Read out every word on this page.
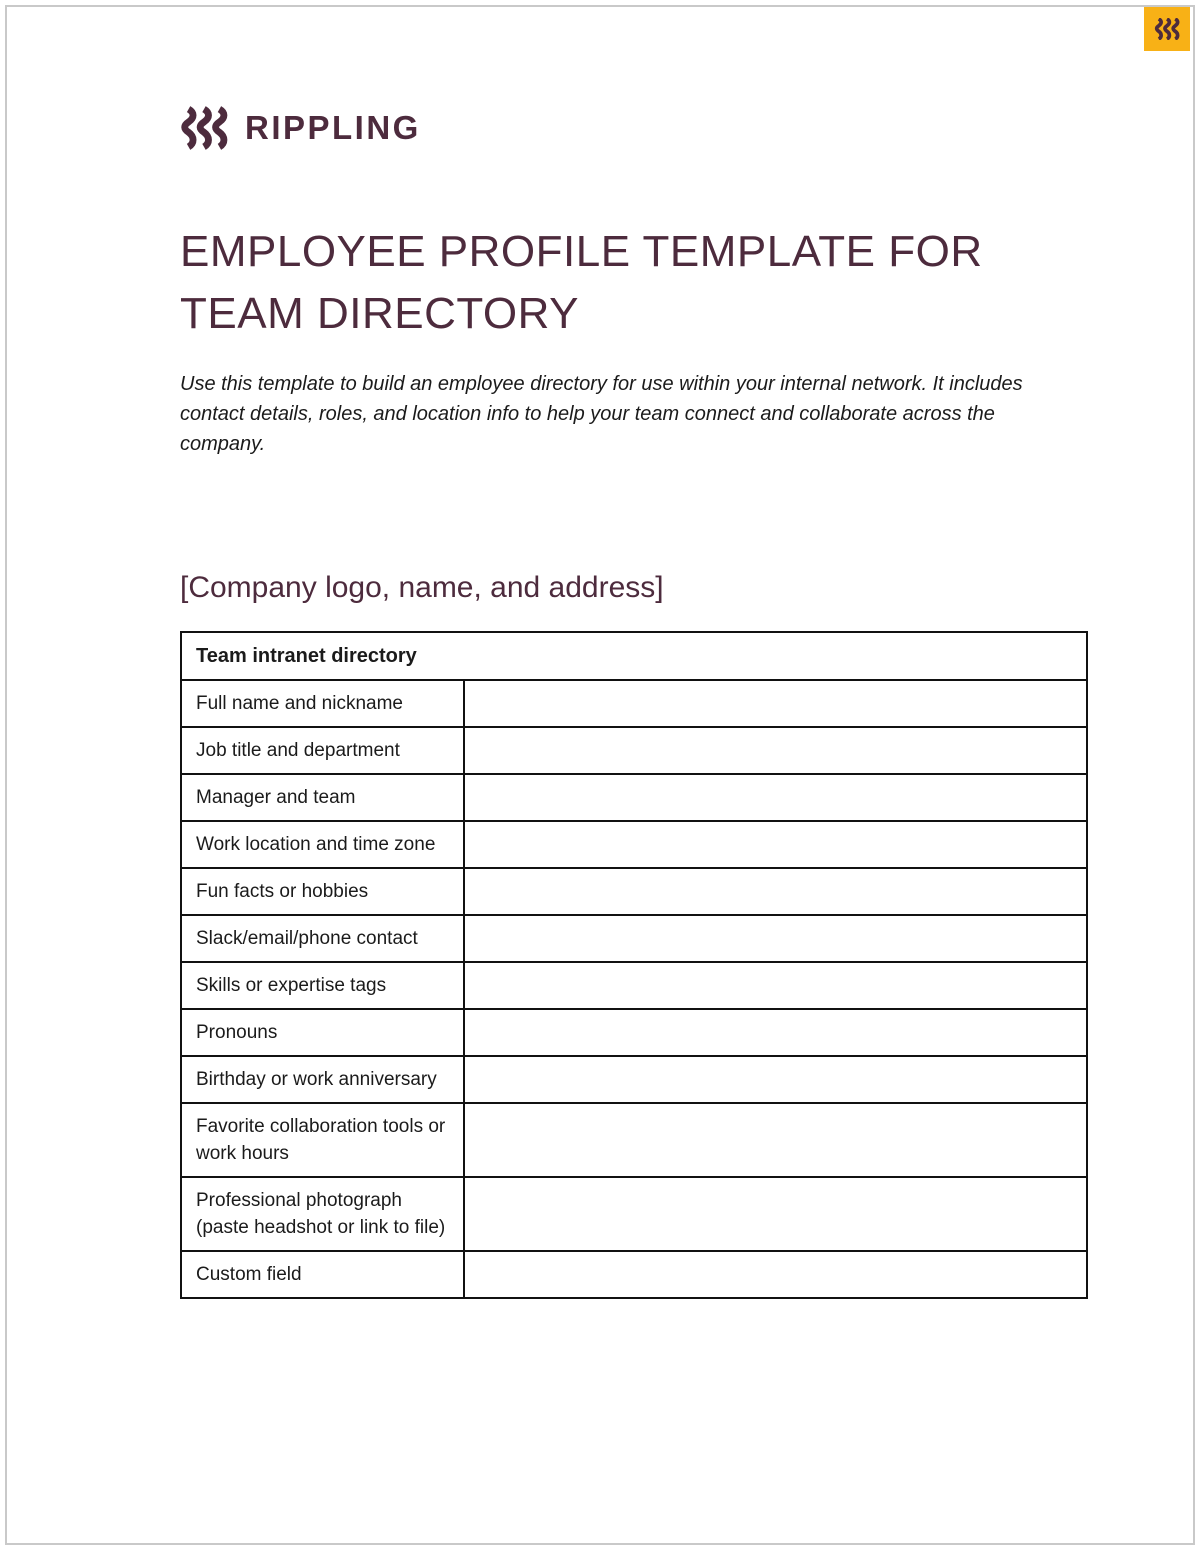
RIPPLING
EMPLOYEE PROFILE TEMPLATE FOR TEAM DIRECTORY

Use this template to build an employee directory for use within your internal network. It includes contact details, roles, and location info to help your team connect and collaborate across the company.

[Company logo, name, and address]
Team intranet directory	
Full name and nickname	
Job title and department	
Manager and team	
Work location and time zone	
Fun facts or hobbies	
Slack/email/phone contact	
Skills or expertise tags	
Pronouns	
Birthday or work anniversary	
Favorite collaboration tools or work hours	
Professional photograph (paste headshot or link to file)	
Custom field	
